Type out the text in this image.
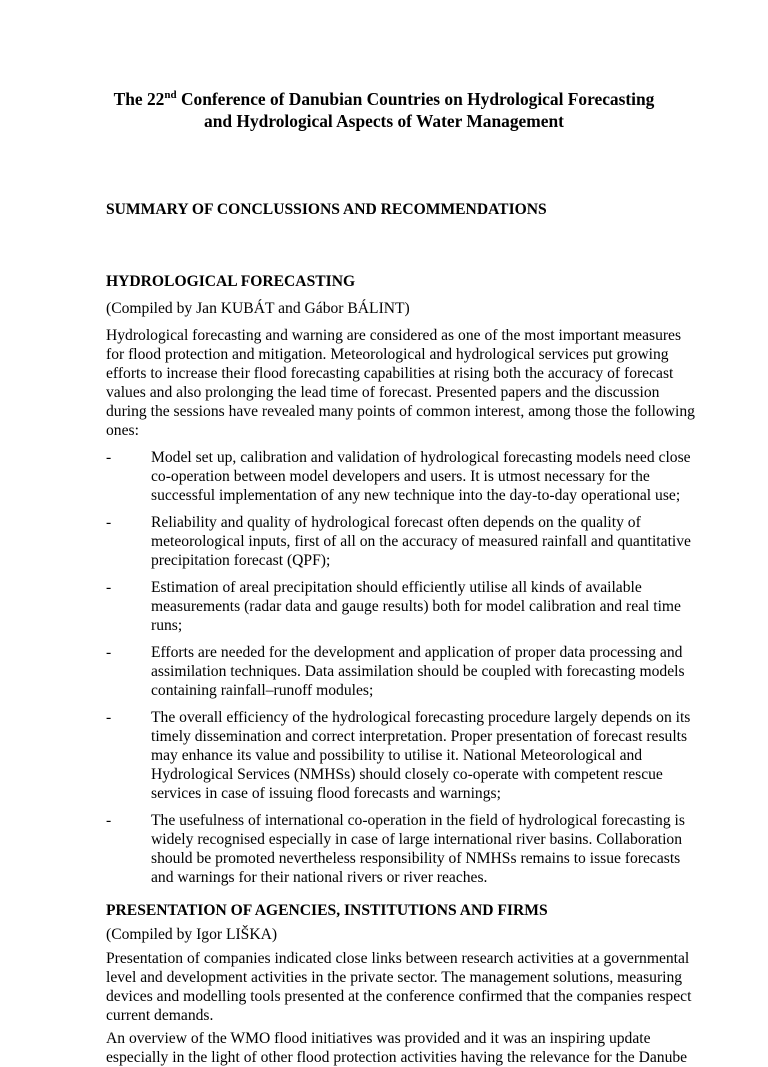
The 22nd Conference of Danubian Countries on Hydrological Forecasting
and Hydrological Aspects of Water Management
SUMMARY OF CONCLUSSIONS AND RECOMMENDATIONS
HYDROLOGICAL FORECASTING
(Compiled by Jan KUBÁT and Gábor BÁLINT)
Hydrological forecasting and warning are considered as one of the most important measures
for flood protection and mitigation. Meteorological and hydrological services put growing
efforts to increase their flood forecasting capabilities at rising both the accuracy of forecast
values and also prolonging the lead time of forecast. Presented papers and the discussion
during the sessions have revealed many points of common interest, among those the following
ones:
-	Model set up, calibration and validation of hydrological forecasting models need close
co-operation between model developers and users. It is utmost necessary for the
successful implementation of any new technique into the day-to-day operational use;
-	Reliability and quality of hydrological forecast often depends on the quality of
meteorological inputs, first of all on the accuracy of measured rainfall and quantitative
precipitation forecast (QPF);
-	Estimation of areal precipitation should efficiently utilise all kinds of available
measurements (radar data and gauge results) both for model calibration and real time
runs;
-	Efforts are needed for the development and application of proper data processing and
assimilation techniques. Data assimilation should be coupled with forecasting models
containing rainfall–runoff modules;
-	The overall efficiency of the hydrological forecasting procedure largely depends on its
timely dissemination and correct interpretation. Proper presentation of forecast results
may enhance its value and possibility to utilise it. National Meteorological and
Hydrological Services (NMHSs) should closely co-operate with competent rescue
services in case of issuing flood forecasts and warnings;
-	The usefulness of international co-operation in the field of hydrological forecasting is
widely recognised especially in case of large international river basins. Collaboration
should be promoted nevertheless responsibility of NMHSs remains to issue forecasts
and warnings for their national rivers or river reaches.
PRESENTATION OF AGENCIES, INSTITUTIONS AND FIRMS
(Compiled by Igor LIŠKA)
Presentation of companies indicated close links between research activities at a governmental
level and development activities in the private sector. The management solutions, measuring
devices and modelling tools presented at the conference confirmed that the companies respect
current demands.
An overview of the WMO flood initiatives was provided and it was an inspiring update
especially in the light of other flood protection activities having the relevance for the Danube
